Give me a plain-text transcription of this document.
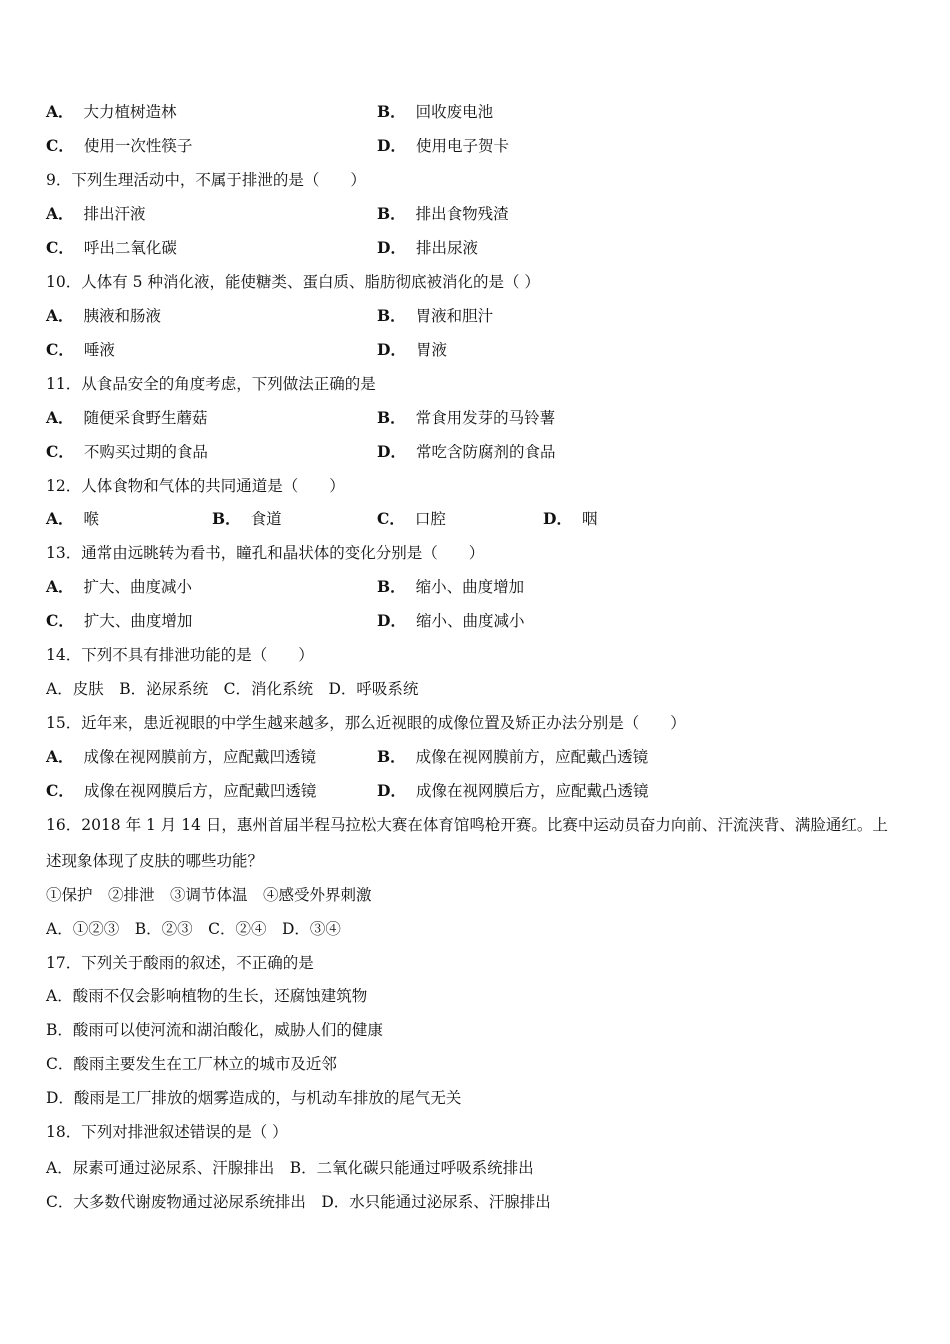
A． 大力植树造林	B． 回收废电池
C． 使用一次性筷子	D． 使用电子贺卡
9．下列生理活动中，不属于排泄的是（　　）
A． 排出汗液	B． 排出食物残渣
C． 呼出二氧化碳	D． 排出尿液
10．人体有 5 种消化液，能使糖类、蛋白质、脂肪彻底被消化的是（ ）
A． 胰液和肠液	B． 胃液和胆汁
C． 唾液	D． 胃液
11．从食品安全的角度考虑，下列做法正确的是
A． 随便采食野生蘑菇	B． 常食用发芽的马铃薯
C． 不购买过期的食品	D． 常吃含防腐剂的食品
12．人体食物和气体的共同通道是（　　）
A． 喉	B． 食道	C． 口腔	D． 咽
13．通常由远眺转为看书，瞳孔和晶状体的变化分别是（　　）
A． 扩大、曲度减小	B． 缩小、曲度增加
C． 扩大、曲度增加	D． 缩小、曲度减小
14．下列不具有排泄功能的是（　　）
A．皮肤　B．泌尿系统　C．消化系统　D．呼吸系统
15．近年来，患近视眼的中学生越来越多，那么近视眼的成像位置及矫正办法分别是（　　）
A． 成像在视网膜前方，应配戴凹透镜	B． 成像在视网膜前方，应配戴凸透镜
C． 成像在视网膜后方，应配戴凹透镜	D． 成像在视网膜后方，应配戴凸透镜
16．2018 年 1 月 14 日，惠州首届半程马拉松大赛在体育馆鸣枪开赛。比赛中运动员奋力向前、汗流浃背、满脸通红。上
述现象体现了皮肤的哪些功能？
①保护　②排泄　③调节体温　④感受外界刺激
A．①②③　B．②③　C．②④　D．③④
17．下列关于酸雨的叙述，不正确的是
A．酸雨不仅会影响植物的生长，还腐蚀建筑物
B．酸雨可以使河流和湖泊酸化，威胁人们的健康
C．酸雨主要发生在工厂林立的城市及近邻
D．酸雨是工厂排放的烟雾造成的，与机动车排放的尾气无关
18．下列对排泄叙述错误的是（ ）
A．尿素可通过泌尿系、汗腺排出　B．二氧化碳只能通过呼吸系统排出
C．大多数代谢废物通过泌尿系统排出　D．水只能通过泌尿系、汗腺排出
